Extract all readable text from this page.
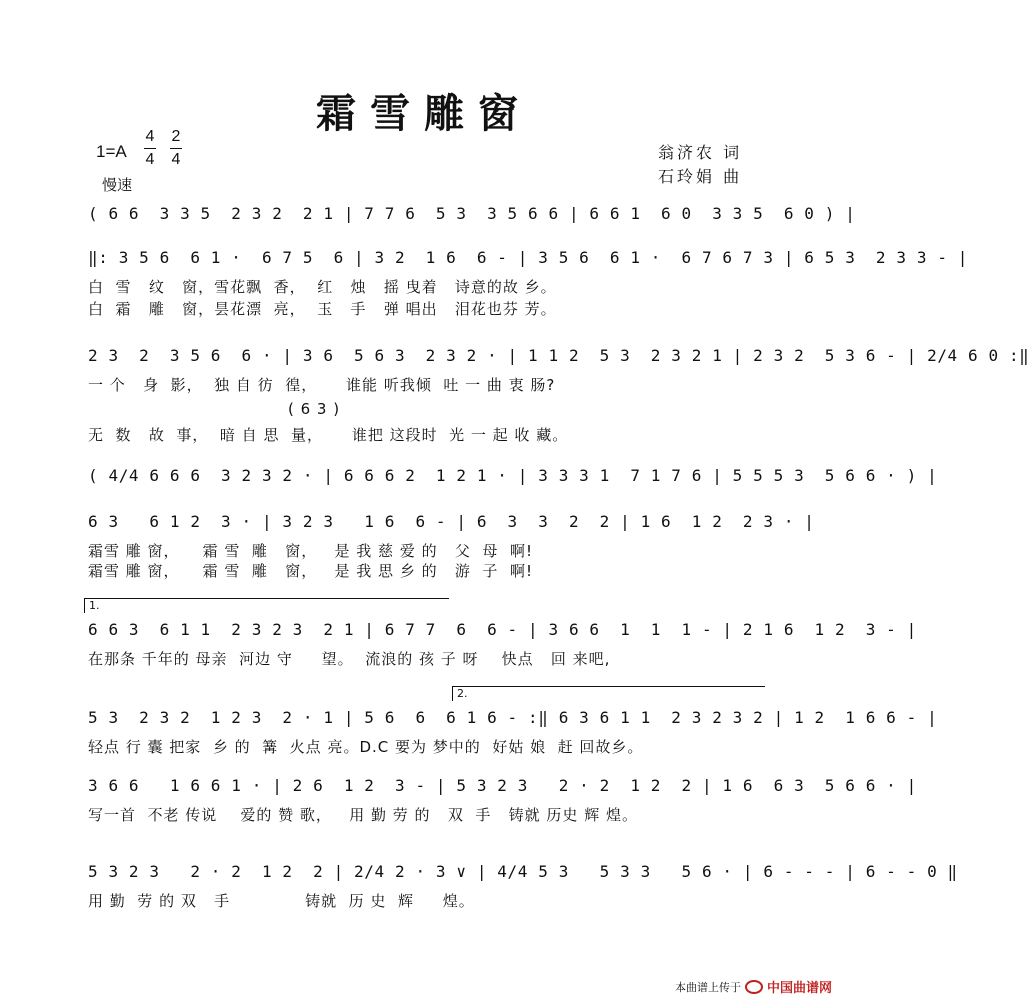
霜雪雕窗
1=A
4
4
2
4
慢速
翁济农 词
石玲娟 曲
( 6 6  3 3 5  2 3 2  2 1 | 7 7 6  5 3  3 5 6 6 | 6 6 1  6 0  3 3 5  6 0 ) |
‖: 3 5 6  6 1 ·  6 7 5  6 | 3 2  1 6  6 - | 3 5 6  6 1 ·  6 7 6 7 3 | 6 5 3  2 3 3 - |
白  雪   纹   窗，雪花飘  香，  红   烛   摇 曳着   诗意的故 乡。
白  霜   雕   窗，昙花漂  亮，  玉   手   弹 唱出   泪花也芬 芳。
2 3  2  3 5 6  6 · | 3 6  5 6 3  2 3 2 · | 1 1 2  5 3  2 3 2 1 | 2 3 2  5 3 6 - | 2/4 6 0 :‖
一 个   身  影，  独 自 彷  徨，     谁能 听我倾  吐 一 曲 衷 肠?
( 6 3 )
无  数   故  事，  暗 自 思  量，     谁把 这段时  光 一 起 收 藏。
( 4/4 6 6 6  3 2 3 2 · | 6 6 6 2  1 2 1 · | 3 3 3 1  7 1 7 6 | 5 5 5 3  5 6 6 · ) |
6 3   6 1 2  3 · | 3 2 3   1 6  6 - | 6  3  3  2  2 | 1 6  1 2  2 3 · |
霜雪 雕 窗，    霜 雪  雕   窗，   是 我 慈 爱 的   父  母  啊!
霜雪 雕 窗，    霜 雪  雕   窗，   是 我 思 乡 的   游  子  啊!
1.
6 6 3  6 1 1  2 3 2 3  2 1 | 6 7 7  6  6 - | 3 6 6  1  1  1 - | 2 1 6  1 2  3 - |
在那条 千年的 母亲  河边 守     望。  流浪的 孩 子 呀    快点   回 来吧,
2.
5 3  2 3 2  1 2 3  2 · 1 | 5 6  6  6 1 6 - :‖ 6 3 6 1 1  2 3 2 3 2 | 1 2  1 6 6 - |
轻点 行 囊 把家  乡 的  篝  火点 亮。D.C 要为 梦中的  好姑 娘  赶 回故乡。
3 6 6   1 6 6 1 · | 2 6  1 2  3 - | 5 3 2 3   2 · 2  1 2  2 | 1 6  6 3  5 6 6 · |
写一首  不老 传说    爱的 赞 歌，   用 勤 劳 的   双  手   铸就 历史 辉 煌。
5 3 2 3   2 · 2  1 2  2 | 2/4 2 · 3 ∨ | 4/4 5 3   5 3 3   5 6 · | 6 - - - | 6 - - 0 ‖
用 勤  劳 的 双   手             铸就  历 史  辉     煌。
本曲谱上传于 中国曲谱网
